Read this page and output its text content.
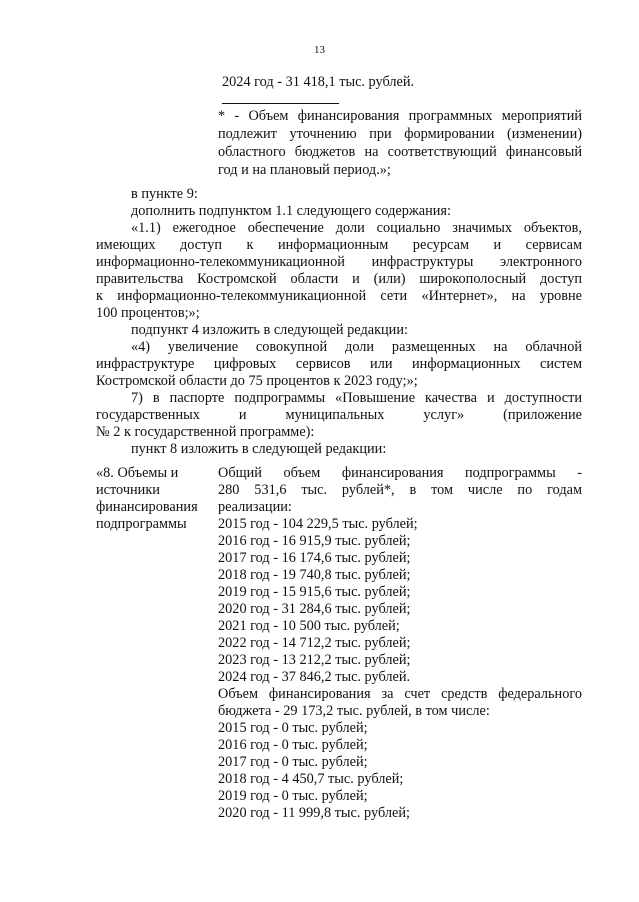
13
2024 год - 31 418,1 тыс. рублей.
* - Объем финансирования программных мероприятий
подлежит уточнению при формировании (изменении)
областного бюджетов на соответствующий финансовый
год и на плановый период.»;
в пункте 9:
дополнить подпунктом 1.1 следующего содержания:
«1.1) ежегодное обеспечение доли социально значимых объектов,
имеющих доступ к информационным ресурсам и сервисам
информационно-телекоммуникационной инфраструктуры электронного
правительства Костромской области и (или) широкополосный доступ
к информационно-телекоммуникационной сети «Интернет», на уровне
100 процентов;»;
подпункт 4 изложить в следующей редакции:
«4) увеличение совокупной доли размещенных на облачной
инфраструктуре цифровых сервисов или информационных систем
Костромской области до 75 процентов к 2023 году;»;
7) в паспорте подпрограммы «Повышение качества и доступности
государственных и муниципальных услуг» (приложение
№ 2 к государственной программе):
пункт 8 изложить в следующей редакции:
«8. Объемы и
источники
финансирования
подпрограммы
Общий объем финансирования подпрограммы -
280 531,6 тыс. рублей*, в том числе по годам
реализации:
2015 год - 104 229,5 тыс. рублей;
2016 год - 16 915,9 тыс. рублей;
2017 год - 16 174,6 тыс. рублей;
2018 год - 19 740,8 тыс. рублей;
2019 год - 15 915,6 тыс. рублей;
2020 год - 31 284,6 тыс. рублей;
2021 год - 10 500 тыс. рублей;
2022 год - 14 712,2 тыс. рублей;
2023 год - 13 212,2 тыс. рублей;
2024 год - 37 846,2 тыс. рублей.
Объем финансирования за счет средств федерального
бюджета - 29 173,2 тыс. рублей, в том числе:
2015 год - 0 тыс. рублей;
2016 год - 0 тыс. рублей;
2017 год - 0 тыс. рублей;
2018 год - 4 450,7 тыс. рублей;
2019 год - 0 тыс. рублей;
2020 год - 11 999,8 тыс. рублей;
